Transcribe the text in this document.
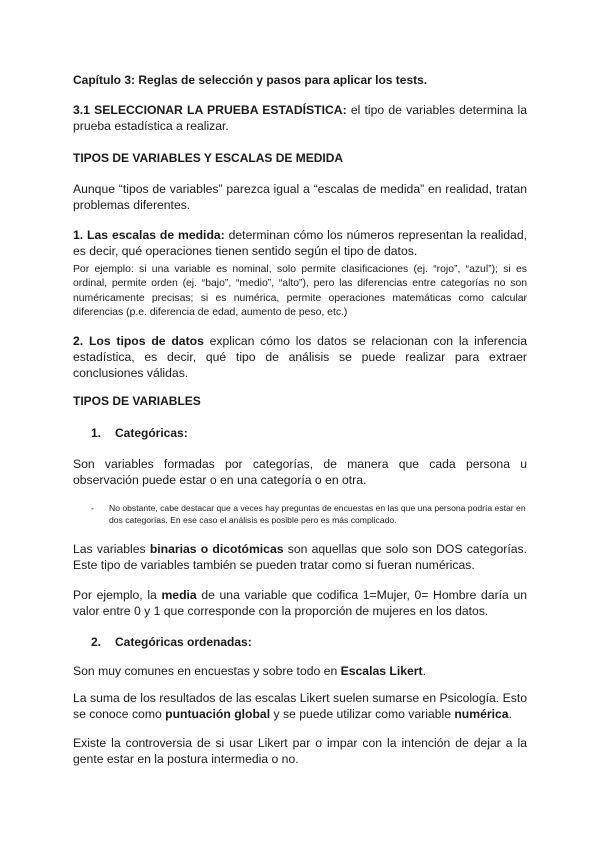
Capítulo 3: Reglas de selección y pasos para aplicar los tests.

3.1 SELECCIONAR LA PRUEBA ESTADÍSTICA: el tipo de variables determina la prueba estadística a realizar.

TIPOS DE VARIABLES Y ESCALAS DE MEDIDA

Aunque “tipos de variables” parezca igual a “escalas de medida” en realidad, tratan problemas diferentes.

1. Las escalas de medida: determinan cómo los números representan la realidad, es decir, qué operaciones tienen sentido según el tipo de datos.

Por ejemplo: si una variable es nominal, solo permite clasificaciones (ej. “rojo”, “azul”); si es ordinal, permite orden (ej. “bajo”, “medio”, “alto”), pero las diferencias entre categorías no son numéricamente precisas; si es numérica, permite operaciones matemáticas como calcular diferencias (p.e. diferencia de edad, aumento de peso, etc.)

2. Los tipos de datos explican cómo los datos se relacionan con la inferencia estadística, es decir, qué tipo de análisis se puede realizar para extraer conclusiones válidas.

TIPOS DE VARIABLES

1. Categóricas:

Son variables formadas por categorías, de manera que cada persona u observación puede estar o en una categoría o en otra.

- No obstante, cabe destacar que a veces hay preguntas de encuestas en las que una persona podría estar en dos categorías. En ese caso el análisis es posible pero es más complicado.

Las variables binarias o dicotómicas son aquellas que solo son DOS categorías. Este tipo de variables también se pueden tratar como si fueran numéricas.

Por ejemplo, la media de una variable que codifica 1=Mujer, 0= Hombre daría un valor entre 0 y 1 que corresponde con la proporción de mujeres en los datos.

2. Categóricas ordenadas:

Son muy comunes en encuestas y sobre todo en Escalas Likert.

La suma de los resultados de las escalas Likert suelen sumarse en Psicología. Esto se conoce como puntuación global y se puede utilizar como variable numérica.

Existe la controversia de si usar Likert par o impar con la intención de dejar a la gente estar en la postura intermedia o no.
